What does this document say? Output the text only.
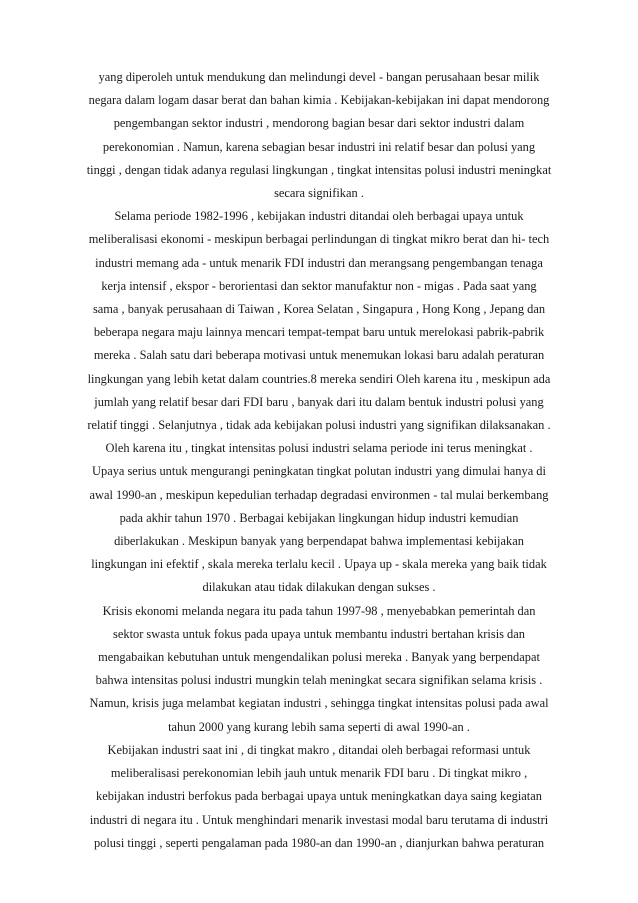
yang diperoleh untuk mendukung dan melindungi devel - bangan perusahaan besar milik
negara dalam logam dasar berat dan bahan kimia . Kebijakan-kebijakan ini dapat mendorong
pengembangan sektor industri , mendorong bagian besar dari sektor industri dalam
perekonomian . Namun, karena sebagian besar industri ini relatif besar dan polusi yang
tinggi , dengan tidak adanya regulasi lingkungan , tingkat intensitas polusi industri meningkat
secara signifikan .
Selama periode 1982-1996 , kebijakan industri ditandai oleh berbagai upaya untuk
meliberalisasi ekonomi - meskipun berbagai perlindungan di tingkat mikro berat dan hi- tech
industri memang ada - untuk menarik FDI industri dan merangsang pengembangan tenaga
kerja intensif , ekspor - berorientasi dan sektor manufaktur non - migas . Pada saat yang
sama , banyak perusahaan di Taiwan , Korea Selatan , Singapura , Hong Kong , Jepang dan
beberapa negara maju lainnya mencari tempat-tempat baru untuk merelokasi pabrik-pabrik
mereka . Salah satu dari beberapa motivasi untuk menemukan lokasi baru adalah peraturan
lingkungan yang lebih ketat dalam countries.8 mereka sendiri Oleh karena itu , meskipun ada
jumlah yang relatif besar dari FDI baru , banyak dari itu dalam bentuk industri polusi yang
relatif tinggi . Selanjutnya , tidak ada kebijakan polusi industri yang signifikan dilaksanakan .
Oleh karena itu , tingkat intensitas polusi industri selama periode ini terus meningkat .
Upaya serius untuk mengurangi peningkatan tingkat polutan industri yang dimulai hanya di
awal 1990-an , meskipun kepedulian terhadap degradasi environmen - tal mulai berkembang
pada akhir tahun 1970 . Berbagai kebijakan lingkungan hidup industri kemudian
diberlakukan . Meskipun banyak yang berpendapat bahwa implementasi kebijakan
lingkungan ini efektif , skala mereka terlalu kecil . Upaya up - skala mereka yang baik tidak
dilakukan atau tidak dilakukan dengan sukses .
Krisis ekonomi melanda negara itu pada tahun 1997-98 , menyebabkan pemerintah dan
sektor swasta untuk fokus pada upaya untuk membantu industri bertahan krisis dan
mengabaikan kebutuhan untuk mengendalikan polusi mereka . Banyak yang berpendapat
bahwa intensitas polusi industri mungkin telah meningkat secara signifikan selama krisis .
Namun, krisis juga melambat kegiatan industri , sehingga tingkat intensitas polusi pada awal
tahun 2000 yang kurang lebih sama seperti di awal 1990-an .
Kebijakan industri saat ini , di tingkat makro , ditandai oleh berbagai reformasi untuk
meliberalisasi perekonomian lebih jauh untuk menarik FDI baru . Di tingkat mikro ,
kebijakan industri berfokus pada berbagai upaya untuk meningkatkan daya saing kegiatan
industri di negara itu . Untuk menghindari menarik investasi modal baru terutama di industri
polusi tinggi , seperti pengalaman pada 1980-an dan 1990-an , dianjurkan bahwa peraturan
